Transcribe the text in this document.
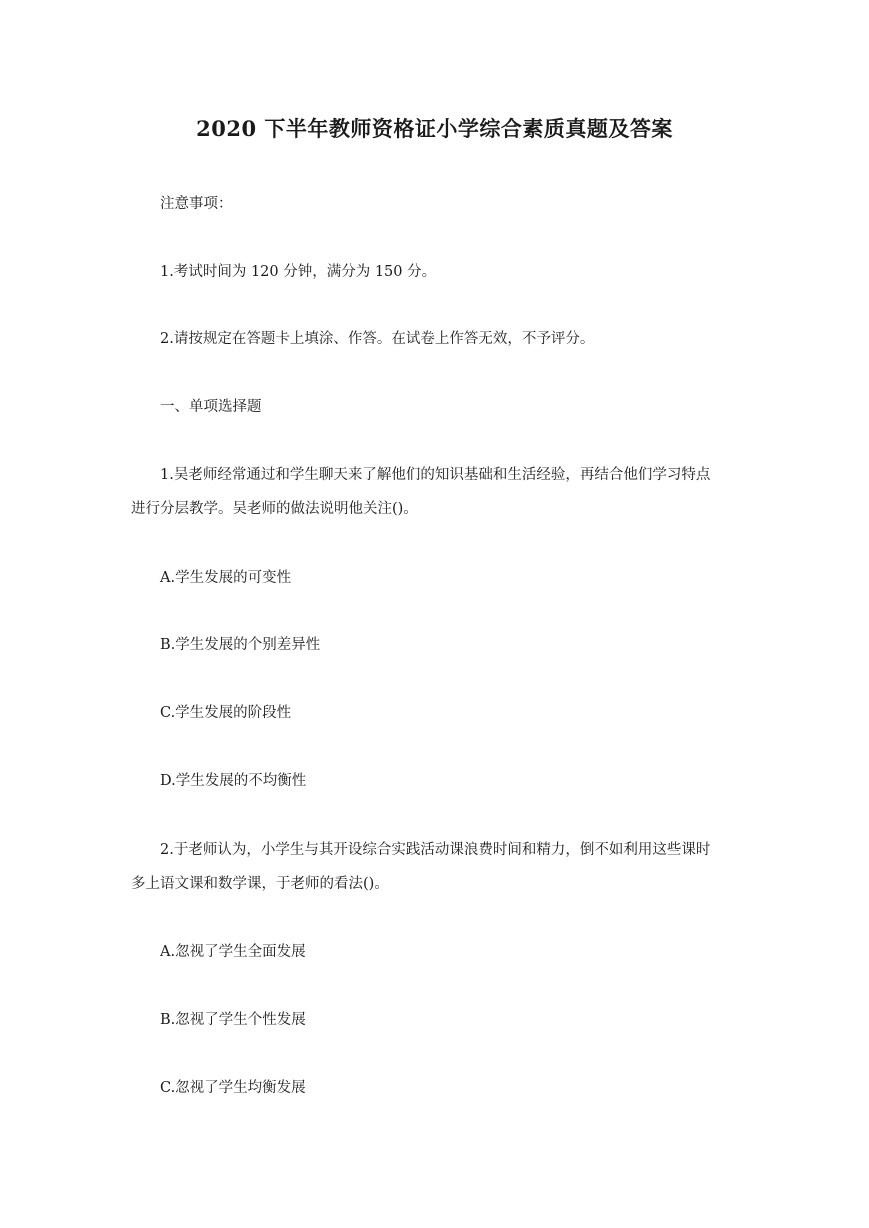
2020 下半年教师资格证小学综合素质真题及答案
注意事项：
1.考试时间为 120 分钟，满分为 150 分。
2.请按规定在答题卡上填涂、作答。在试卷上作答无效，不予评分。
一、单项选择题
1.吴老师经常通过和学生聊天来了解他们的知识基础和生活经验，再结合他们学习特点
进行分层教学。吴老师的做法说明他关注()。
A.学生发展的可变性
B.学生发展的个别差异性
C.学生发展的阶段性
D.学生发展的不均衡性
2.于老师认为，小学生与其开设综合实践活动课浪费时间和精力，倒不如利用这些课时
多上语文课和数学课，于老师的看法()。
A.忽视了学生全面发展
B.忽视了学生个性发展
C.忽视了学生均衡发展
